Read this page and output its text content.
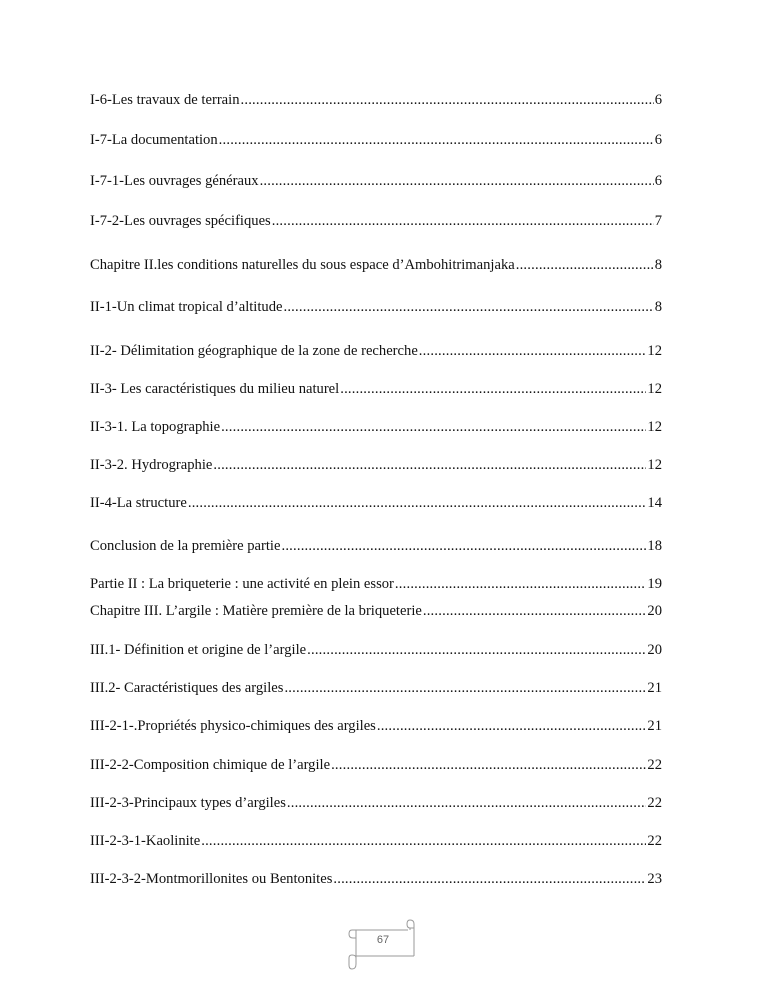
I-6-Les travaux de terrain .....	6
I-7-La documentation .....	6
I-7-1-Les ouvrages généraux .....	6
I-7-2-Les ouvrages spécifiques .....	7
Chapitre II.les conditions naturelles du sous espace d’Ambohitrimanjaka .....	8
II-1-Un climat tropical d’altitude .....	8
II-2- Délimitation géographique de la zone de recherche .....	12
II-3- Les caractéristiques du milieu naturel .....	12
II-3-1. La topographie .....	12
II-3-2. Hydrographie .....	12
II-4-La structure .....	14
Conclusion de la première partie .....	18
Partie II : La briqueterie : une activité en plein essor .....	19
Chapitre III. L’argile : Matière première de la briqueterie .....	20
III.1- Définition et origine de l’argile .....	20
III.2- Caractéristiques des argiles .....	21
III-2-1-.Propriétés physico-chimiques des argiles .....	21
III-2-2-Composition chimique de l’argile .....	22
III-2-3-Principaux types d’argiles .....	22
III-2-3-1-Kaolinite .....	22
III-2-3-2-Montmorillonites ou Bentonites .....	23
67
